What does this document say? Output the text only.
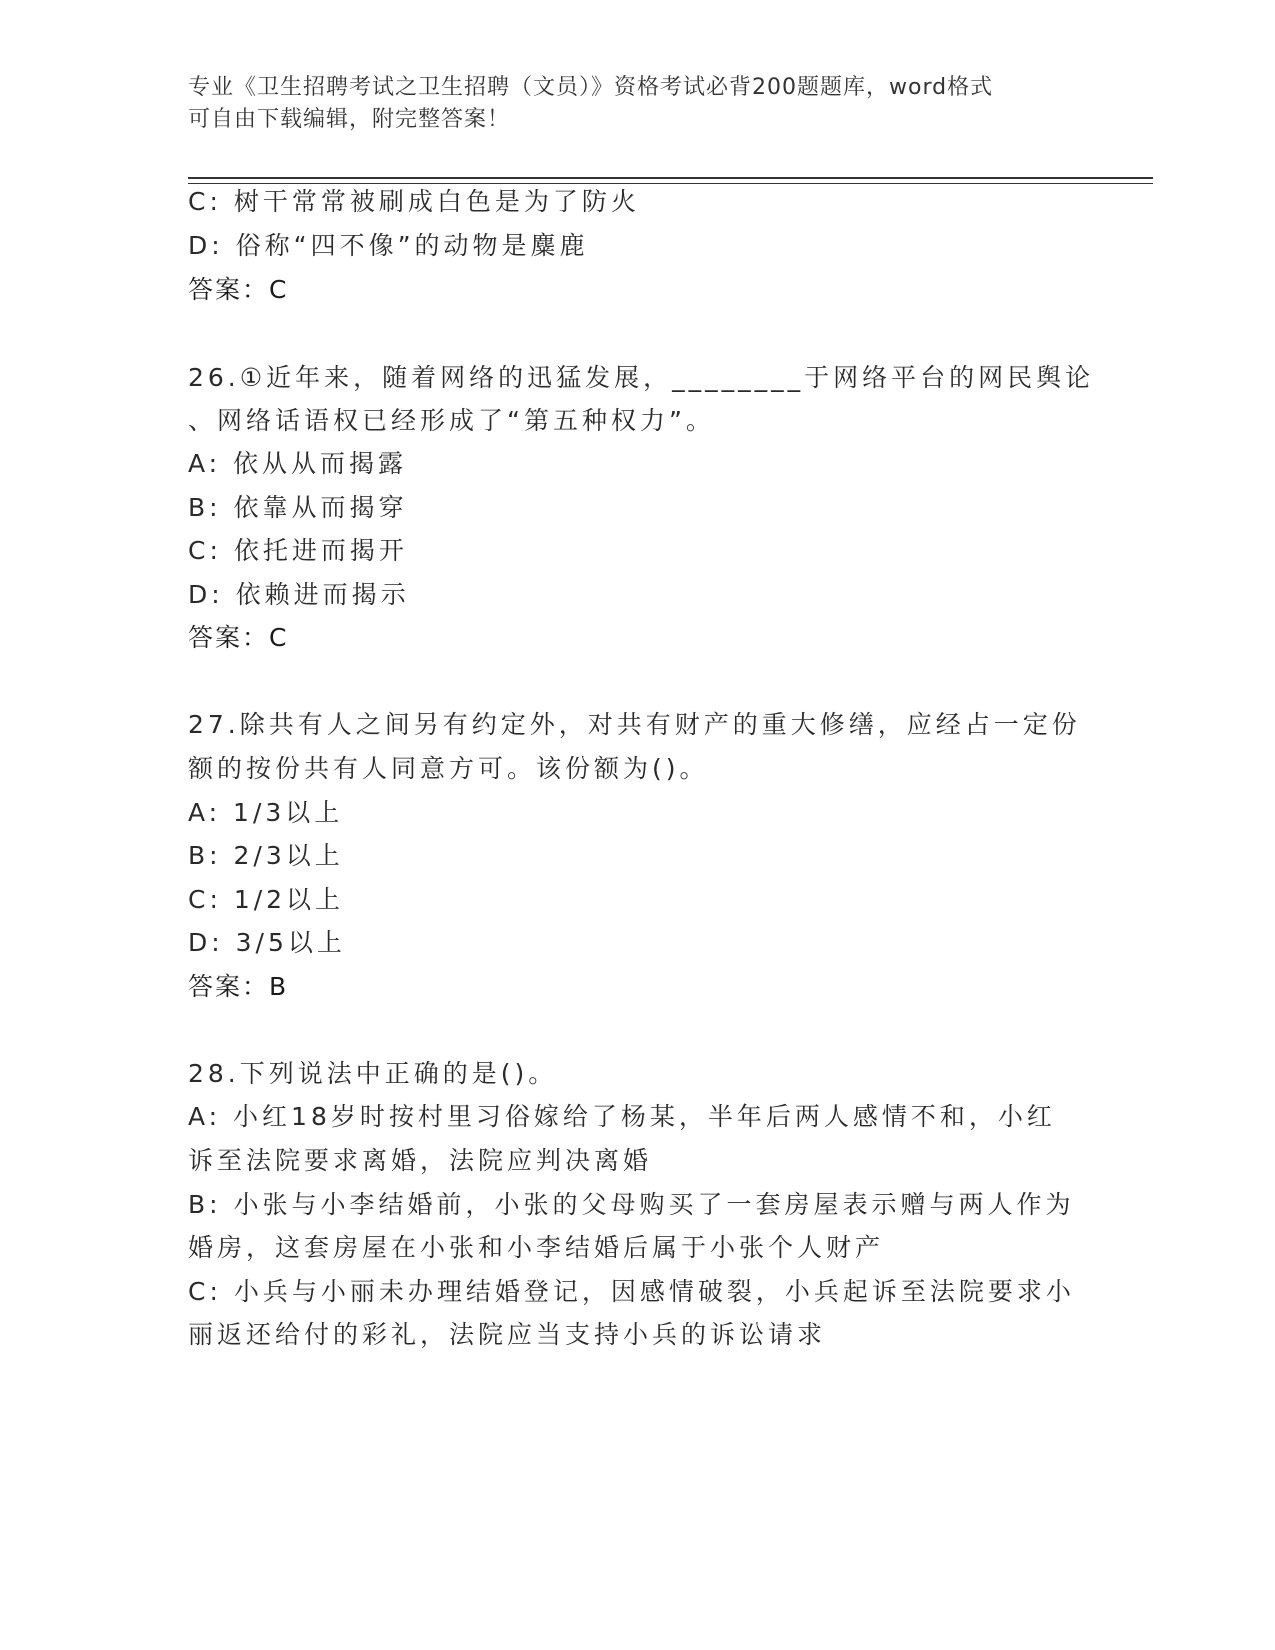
专业《卫生招聘考试之卫生招聘（文员）》资格考试必背200题题库，word格式
可自由下载编辑，附完整答案！
C: 树干常常被刷成白色是为了防火
D: 俗称“四不像”的动物是麋鹿
答案：C
26.①近年来，随着网络的迅猛发展，________于网络平台的网民舆论
、网络话语权已经形成了“第五种权力”。
A: 依从从而揭露
B: 依靠从而揭穿
C: 依托进而揭开
D: 依赖进而揭示
答案：C
27.除共有人之间另有约定外，对共有财产的重大修缮，应经占一定份
额的按份共有人同意方可。该份额为()。
A: 1/3以上
B: 2/3以上
C: 1/2以上
D: 3/5以上
答案：B
28.下列说法中正确的是()。
A: 小红18岁时按村里习俗嫁给了杨某，半年后两人感情不和，小红
诉至法院要求离婚，法院应判决离婚
B: 小张与小李结婚前，小张的父母购买了一套房屋表示赠与两人作为
婚房，这套房屋在小张和小李结婚后属于小张个人财产
C: 小兵与小丽未办理结婚登记，因感情破裂，小兵起诉至法院要求小
丽返还给付的彩礼，法院应当支持小兵的诉讼请求
